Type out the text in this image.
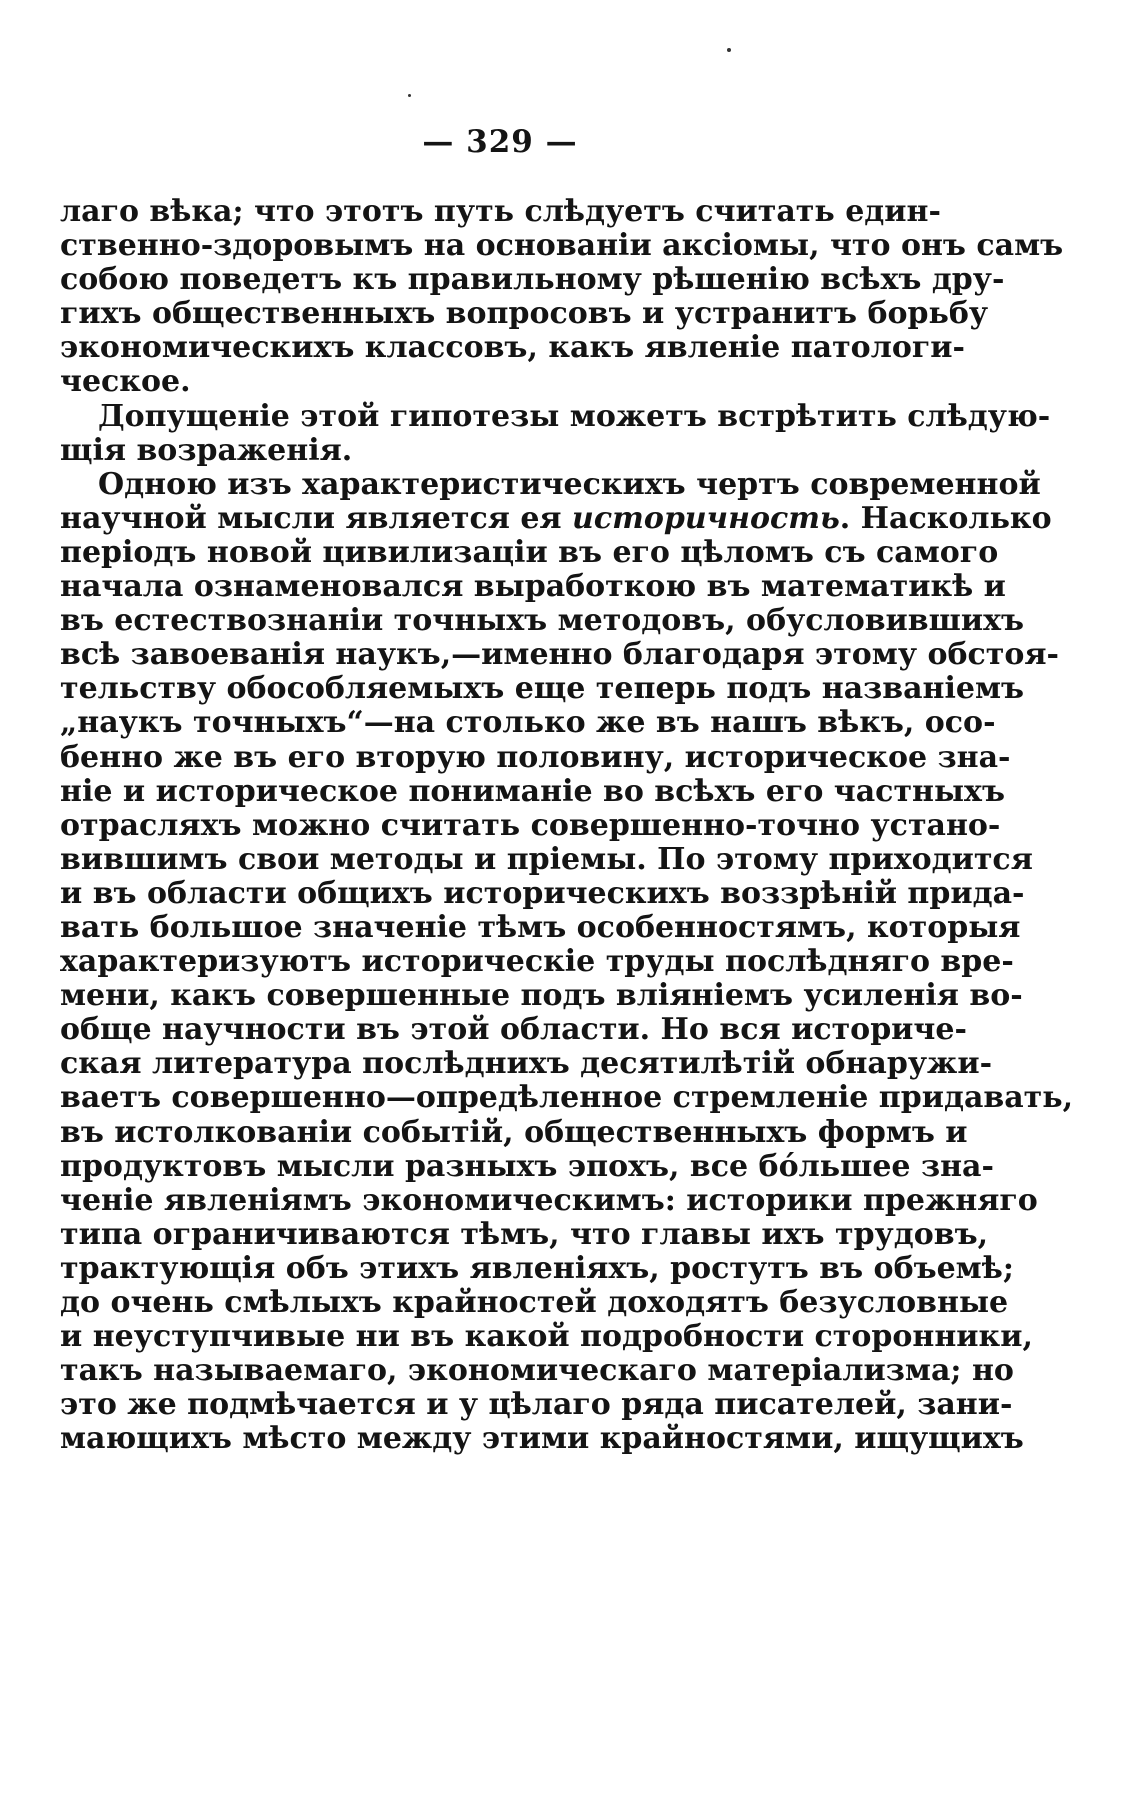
— 329 —
лаго вѣка; что этотъ путь слѣдуетъ считать един-
ственно-здоровымъ на основанiи аксiомы, что онъ самъ
собою поведетъ къ правильному рѣшенiю всѣхъ дру-
гихъ общественныхъ вопросовъ и устранитъ борьбу
экономическихъ классовъ, какъ явленiе патологи-
ческое.
Допущенiе этой гипотезы можетъ встрѣтить слѣдую-
щiя возраженiя.
Одною изъ характеристическихъ чертъ современной
научной мысли является ея историчность. Насколько
перiодъ новой цивилизацiи въ его цѣломъ съ самого
начала ознаменовался выработкою въ математикѣ и
въ естествознанiи точныхъ методовъ, обусловившихъ
всѣ завоеванiя наукъ,—именно благодаря этому обстоя-
тельству обособляемыхъ еще теперь подъ названiемъ
„наукъ точныхъ“—на столько же въ нашъ вѣкъ, осо-
бенно же въ его вторую половину, историческое зна-
нiе и историческое пониманiе во всѣхъ его частныхъ
отрасляхъ можно считать совершенно-точно устано-
вившимъ свои методы и прiемы. По этому приходится
и въ области общихъ историческихъ воззрѣнiй прида-
вать большое значенiе тѣмъ особенностямъ, которыя
характеризуютъ историческiе труды послѣдняго вре-
мени, какъ совершенные подъ влiянiемъ усиленiя во-
обще научности въ этой области. Но вся историче-
ская литература послѣднихъ десятилѣтiй обнаружи-
ваетъ совершенно—опредѣленное стремленiе придавать,
въ истолкованiи событiй, общественныхъ формъ и
продуктовъ мысли разныхъ эпохъ, все бóльшее зна-
ченiе явленiямъ экономическимъ: историки прежняго
типа ограничиваются тѣмъ, что главы ихъ трудовъ,
трактующiя объ этихъ явленiяхъ, ростутъ въ объемѣ;
до очень смѣлыхъ крайностей доходятъ безусловные
и неуступчивые ни въ какой подробности сторонники,
такъ называемаго, экономическаго матерiализма; но
это же подмѣчается и у цѣлаго ряда писателей, зани-
мающихъ мѣсто между этими крайностями, ищущихъ
